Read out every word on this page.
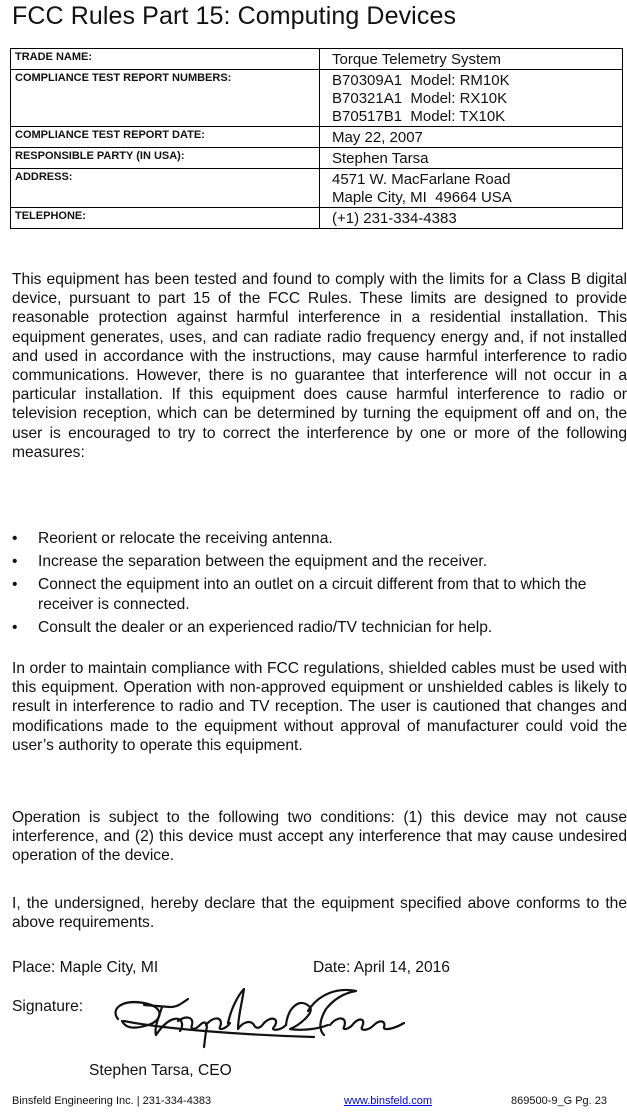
FCC Rules Part 15: Computing Devices
TRADE NAME:	Torque Telemetry System

COMPLIANCE TEST REPORT NUMBERS:	B70309A1  Model: RM10K
B70321A1  Model: RX10K
B70517B1  Model: TX10K

COMPLIANCE TEST REPORT DATE:	May 22, 2007

RESPONSIBLE PARTY (IN USA):	Stephen Tarsa

ADDRESS:	4571 W. MacFarlane Road
Maple City, MI  49664 USA

TELEPHONE:	(+1) 231-334-4383

This equipment has been tested and found to comply with the limits for a Class B digital device, pursuant to part 15 of the FCC Rules. These limits are designed to provide reasonable protection against harmful interference in a residential installation. This equipment generates, uses, and can radiate radio frequency energy and, if not installed and used in accordance with the instructions, may cause harmful interference to radio communications. However, there is no guarantee that interference will not occur in a particular installation. If this equipment does cause harmful interference to radio or television reception, which can be determined by turning the equipment off and on, the user is encouraged to try to correct the interference by one or more of the following measures:

•	Reorient or relocate the receiving antenna.
•	Increase the separation between the equipment and the receiver.
•	Connect the equipment into an outlet on a circuit different from that to which the receiver is connected.
•	Consult the dealer or an experienced radio/TV technician for help.

In order to maintain compliance with FCC regulations, shielded cables must be used with this equipment. Operation with non-approved equipment or unshielded cables is likely to result in interference to radio and TV reception. The user is cautioned that changes and modifications made to the equipment without approval of manufacturer could void the user’s authority to operate this equipment.

Operation is subject to the following two conditions: (1) this device may not cause interference, and (2) this device must accept any interference that may cause undesired operation of the device.

I, the undersigned, hereby declare that the equipment specified above conforms to the above requirements.

Place: Maple City, MI	Date: April 14, 2016
Signature:
Stephen Tarsa, CEO
Binsfeld Engineering Inc. | 231-334-4383	www.binsfeld.com	869500-9_G Pg. 23
